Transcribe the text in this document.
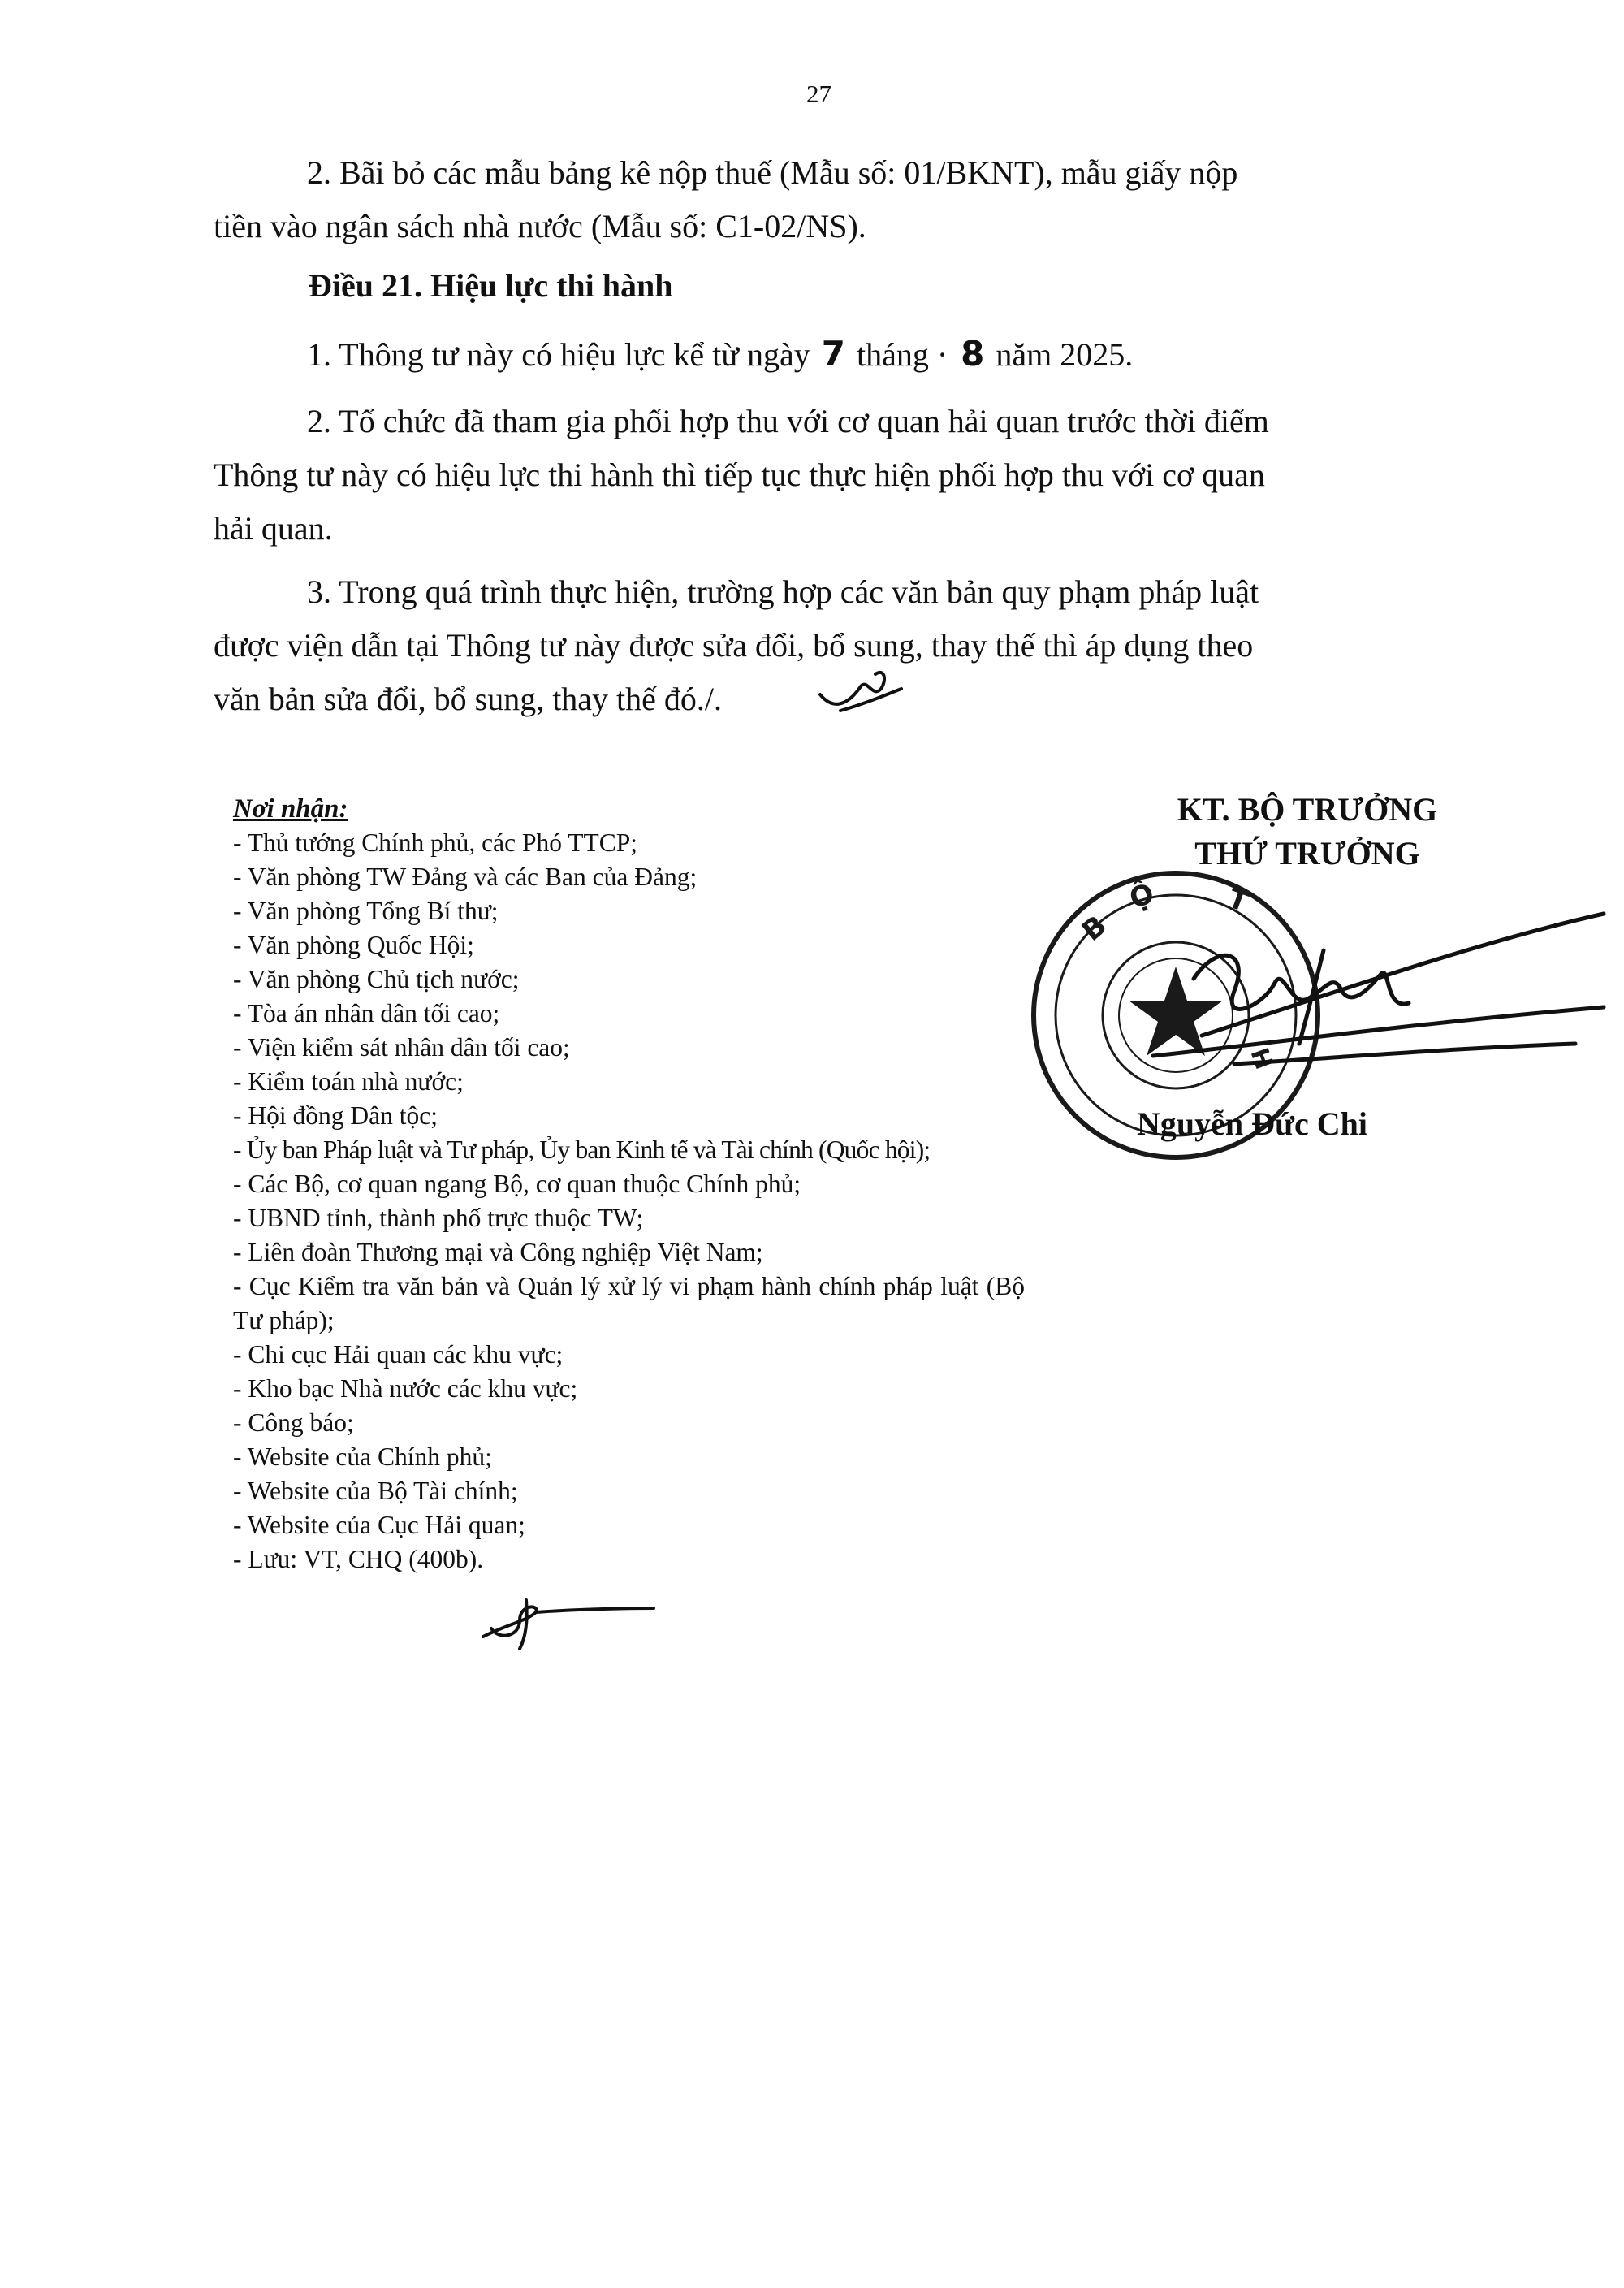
27
2. Bãi bỏ các mẫu bảng kê nộp thuế (Mẫu số: 01/BKNT), mẫu giấy nộp
tiền vào ngân sách nhà nước (Mẫu số: C1-02/NS).
Điều 21. Hiệu lực thi hành
1. Thông tư này có hiệu lực kể từ ngày 7 tháng · 8 năm 2025.
2. Tổ chức đã tham gia phối hợp thu với cơ quan hải quan trước thời điểm
Thông tư này có hiệu lực thi hành thì tiếp tục thực hiện phối hợp thu với cơ quan
hải quan.
3. Trong quá trình thực hiện, trường hợp các văn bản quy phạm pháp luật
được viện dẫn tại Thông tư này được sửa đổi, bổ sung, thay thế thì áp dụng theo
văn bản sửa đổi, bổ sung, thay thế đó./.
Nơi nhận:
- Thủ tướng Chính phủ, các Phó TTCP;
- Văn phòng TW Đảng và các Ban của Đảng;
- Văn phòng Tổng Bí thư;
- Văn phòng Quốc Hội;
- Văn phòng Chủ tịch nước;
- Tòa án nhân dân tối cao;
- Viện kiểm sát nhân dân tối cao;
- Kiểm toán nhà nước;
- Hội đồng Dân tộc;
- Ủy ban Pháp luật và Tư pháp, Ủy ban Kinh tế và Tài chính (Quốc hội);
- Các Bộ, cơ quan ngang Bộ, cơ quan thuộc Chính phủ;
- UBND tỉnh, thành phố trực thuộc TW;
- Liên đoàn Thương mại và Công nghiệp Việt Nam;
- Cục Kiểm tra văn bản và Quản lý xử lý vi phạm hành chính pháp luật (Bộ Tư pháp);
- Chi cục Hải quan các khu vực;
- Kho bạc Nhà nước các khu vực;
- Công báo;
- Website của Chính phủ;
- Website của Bộ Tài chính;
- Website của Cục Hải quan;
- Lưu: VT, CHQ (400b).
KT. BỘ TRƯỞNG
THỨ TRƯỞNG
B
Ộ T
H
Nguyễn Đức Chi
